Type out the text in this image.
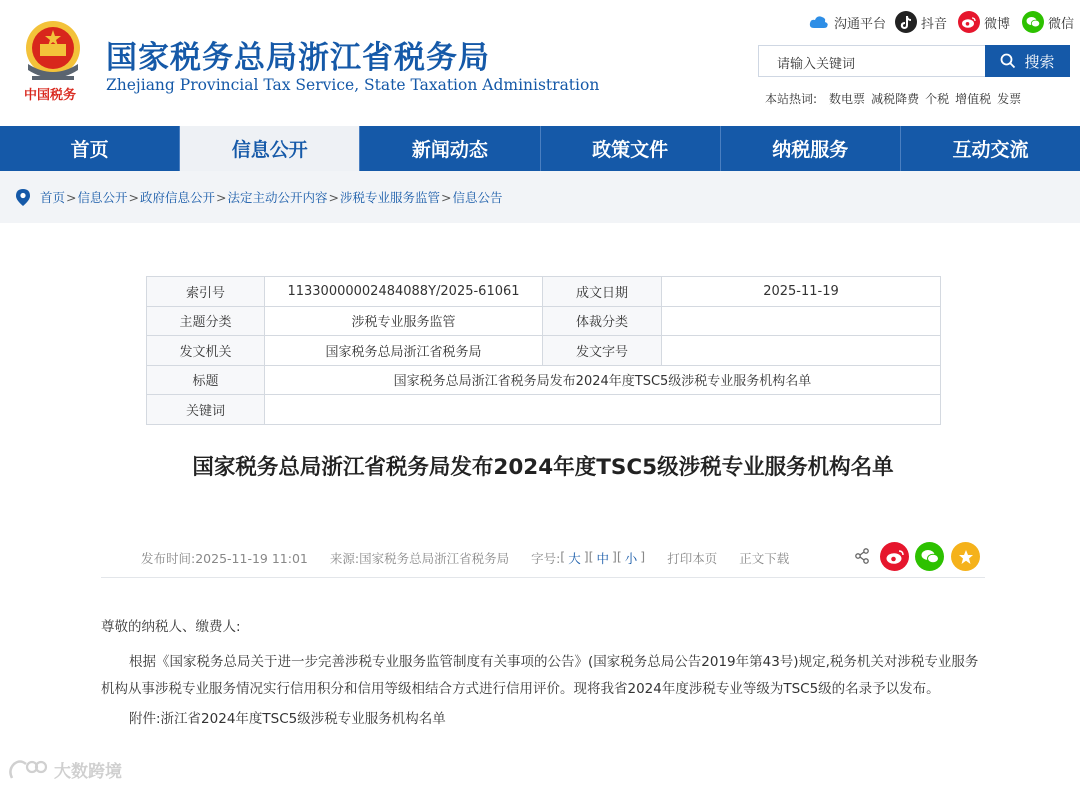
中国税务
国家税务总局浙江省税务局
Zhejiang Provincial Tax Service, State Taxation Administration
沟通平台	抖音	微博	微信
请输入关键词	搜索
本站热词: 数电票 减税降费 个税 增值税 发票
首页	信息公开	新闻动态	政策文件	纳税服务	互动交流
首页 > 信息公开 > 政府信息公开 > 法定主动公开内容 > 涉税专业服务监管 > 信息公告
索引号	11330000002484088Y/2025-61061	成文日期	2025-11-19
主题分类	涉税专业服务监管	体裁分类	
发文机关	国家税务总局浙江省税务局	发文字号	
标题	国家税务总局浙江省税务局发布2024年度TSC5级涉税专业服务机构名单		
关键词			
国家税务总局浙江省税务局发布2024年度TSC5级涉税专业服务机构名单
发布时间:2025-11-19 11:01 来源:国家税务总局浙江省税务局 字号: [ 大 ] [ 中 ] [ 小 ] 打印本页 正文下载

尊敬的纳税人、缴费人:

根据《国家税务总局关于进一步完善涉税专业服务监管制度有关事项的公告》(国家税务总局公告2019年第43号)规定,税务机关对涉税专业服务机构从事涉税专业服务情况实行信用积分和信用等级相结合方式进行信用评价。现将我省2024年度涉税专业等级为TSC5级的名录予以发布。

附件:浙江省2024年度TSC5级涉税专业服务机构名单

大数跨境
